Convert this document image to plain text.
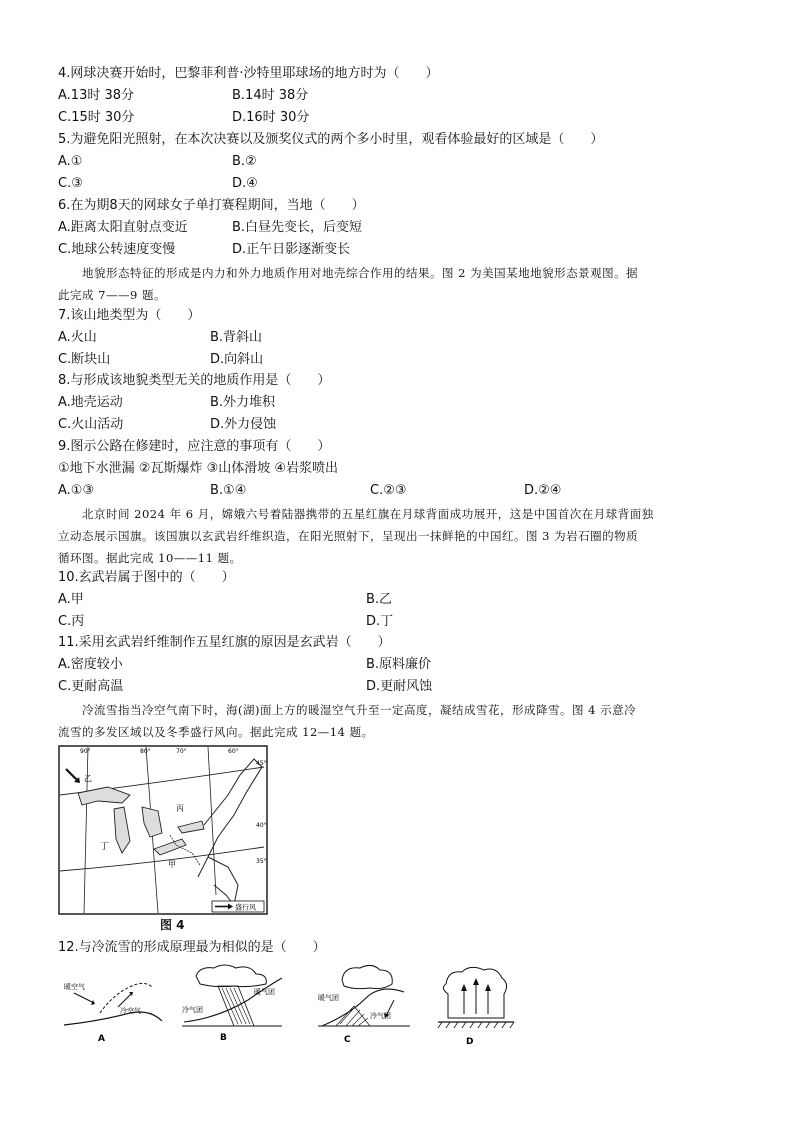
4.网球决赛开始时，巴黎菲利普·沙特里耶球场的地方时为（　　）
A.13时 38分	B.14时 38分
C.15时 30分	D.16时 30分
5.为避免阳光照射，在本次决赛以及颁奖仪式的两个多小时里，观看体验最好的区域是（　　）
A.①	B.②
C.③	D.④
6.在为期8天的网球女子单打赛程期间，当地（　　）
A.距离太阳直射点变近	B.白昼先变长，后变短
C.地球公转速度变慢	D.正午日影逐渐变长
地貌形态特征的形成是内力和外力地质作用对地壳综合作用的结果。图 2 为美国某地地貌形态景观图。据
此完成 7——9 题。
7.该山地类型为（　　）
A.火山	B.背斜山
C.断块山	D.向斜山
8.与形成该地貌类型无关的地质作用是（　　）
A.地壳运动	B.外力堆积
C.火山活动	D.外力侵蚀
9.图示公路在修建时，应注意的事项有（　　）
①地下水泄漏 ②瓦斯爆炸 ③山体滑坡 ④岩浆喷出
A.①③	B.①④	C.②③	D.②④
北京时间 2024 年 6 月，嫦娥六号着陆器携带的五星红旗在月球背面成功展开，这是中国首次在月球背面独
立动态展示国旗。该国旗以玄武岩纤维织造，在阳光照射下，呈现出一抹鲜艳的中国红。图 3 为岩石圈的物质
循环图。据此完成 10——11 题。
10.玄武岩属于图中的（　　）
A.甲	B.乙
C.丙	D.丁
11.采用玄武岩纤维制作五星红旗的原因是玄武岩（　　）
A.密度较小	B.原料廉价
C.更耐高温	D.更耐风蚀
冷流雪指当冷空气南下时，海(湖)面上方的暖湿空气升至一定高度，凝结成雪花，形成降雪。图 4 示意冷
流雪的多发区域以及冬季盛行风向。据此完成 12—14 题。
90°	80°	70°	60°
45°
40°
35°
乙
丙
丁
甲
盛行风
图 4
12.与冷流雪的形成原理最为相似的是（　　）
暖空气
冷空气
A
暖气团
冷气团
B
暖气团
冷气团
C	D
